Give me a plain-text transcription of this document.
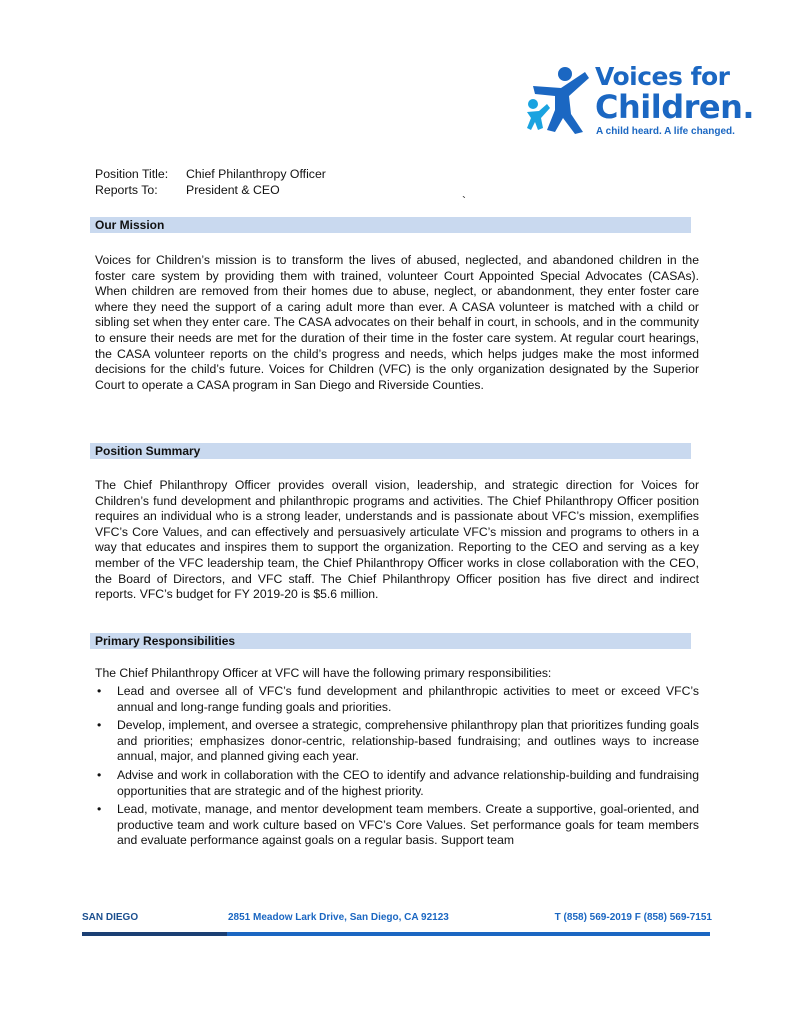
Voices for
Children.
A child heard. A life changed.
Position Title: Chief Philanthropy Officer
Reports To: President & CEO
`
Our Mission

Voices for Children’s mission is to transform the lives of abused, neglected, and abandoned children in the foster care system by providing them with trained, volunteer Court Appointed Special Advocates (CASAs). When children are removed from their homes due to abuse, neglect, or abandonment, they enter foster care where they need the support of a caring adult more than ever. A CASA volunteer is matched with a child or sibling set when they enter care. The CASA advocates on their behalf in court, in schools, and in the community to ensure their needs are met for the duration of their time in the foster care system. At regular court hearings, the CASA volunteer reports on the child’s progress and needs, which helps judges make the most informed decisions for the child’s future. Voices for Children (VFC) is the only organization designated by the Superior Court to operate a CASA program in San Diego and Riverside Counties.

Position Summary

The Chief Philanthropy Officer provides overall vision, leadership, and strategic direction for Voices for Children’s fund development and philanthropic programs and activities. The Chief Philanthropy Officer position requires an individual who is a strong leader, understands and is passionate about VFC’s mission, exemplifies VFC’s Core Values, and can effectively and persuasively articulate VFC’s mission and programs to others in a way that educates and inspires them to support the organization. Reporting to the CEO and serving as a key member of the VFC leadership team, the Chief Philanthropy Officer works in close collaboration with the CEO, the Board of Directors, and VFC staff. The Chief Philanthropy Officer position has five direct and indirect reports. VFC’s budget for FY 2019-20 is $5.6 million.

Primary Responsibilities
The Chief Philanthropy Officer at VFC will have the following primary responsibilities:
• Lead and oversee all of VFC’s fund development and philanthropic activities to meet or exceed VFC’s annual and long-range funding goals and priorities.
• Develop, implement, and oversee a strategic, comprehensive philanthropy plan that prioritizes funding goals and priorities; emphasizes donor-centric, relationship-based fundraising; and outlines ways to increase annual, major, and planned giving each year.
• Advise and work in collaboration with the CEO to identify and advance relationship-building and fundraising opportunities that are strategic and of the highest priority.
• Lead, motivate, manage, and mentor development team members. Create a supportive, goal-oriented, and productive team and work culture based on VFC’s Core Values. Set performance goals for team members and evaluate performance against goals on a regular basis. Support team
SAN DIEGO	2851 Meadow Lark Drive, San Diego, CA 92123	T (858) 569-2019 F (858) 569-7151
